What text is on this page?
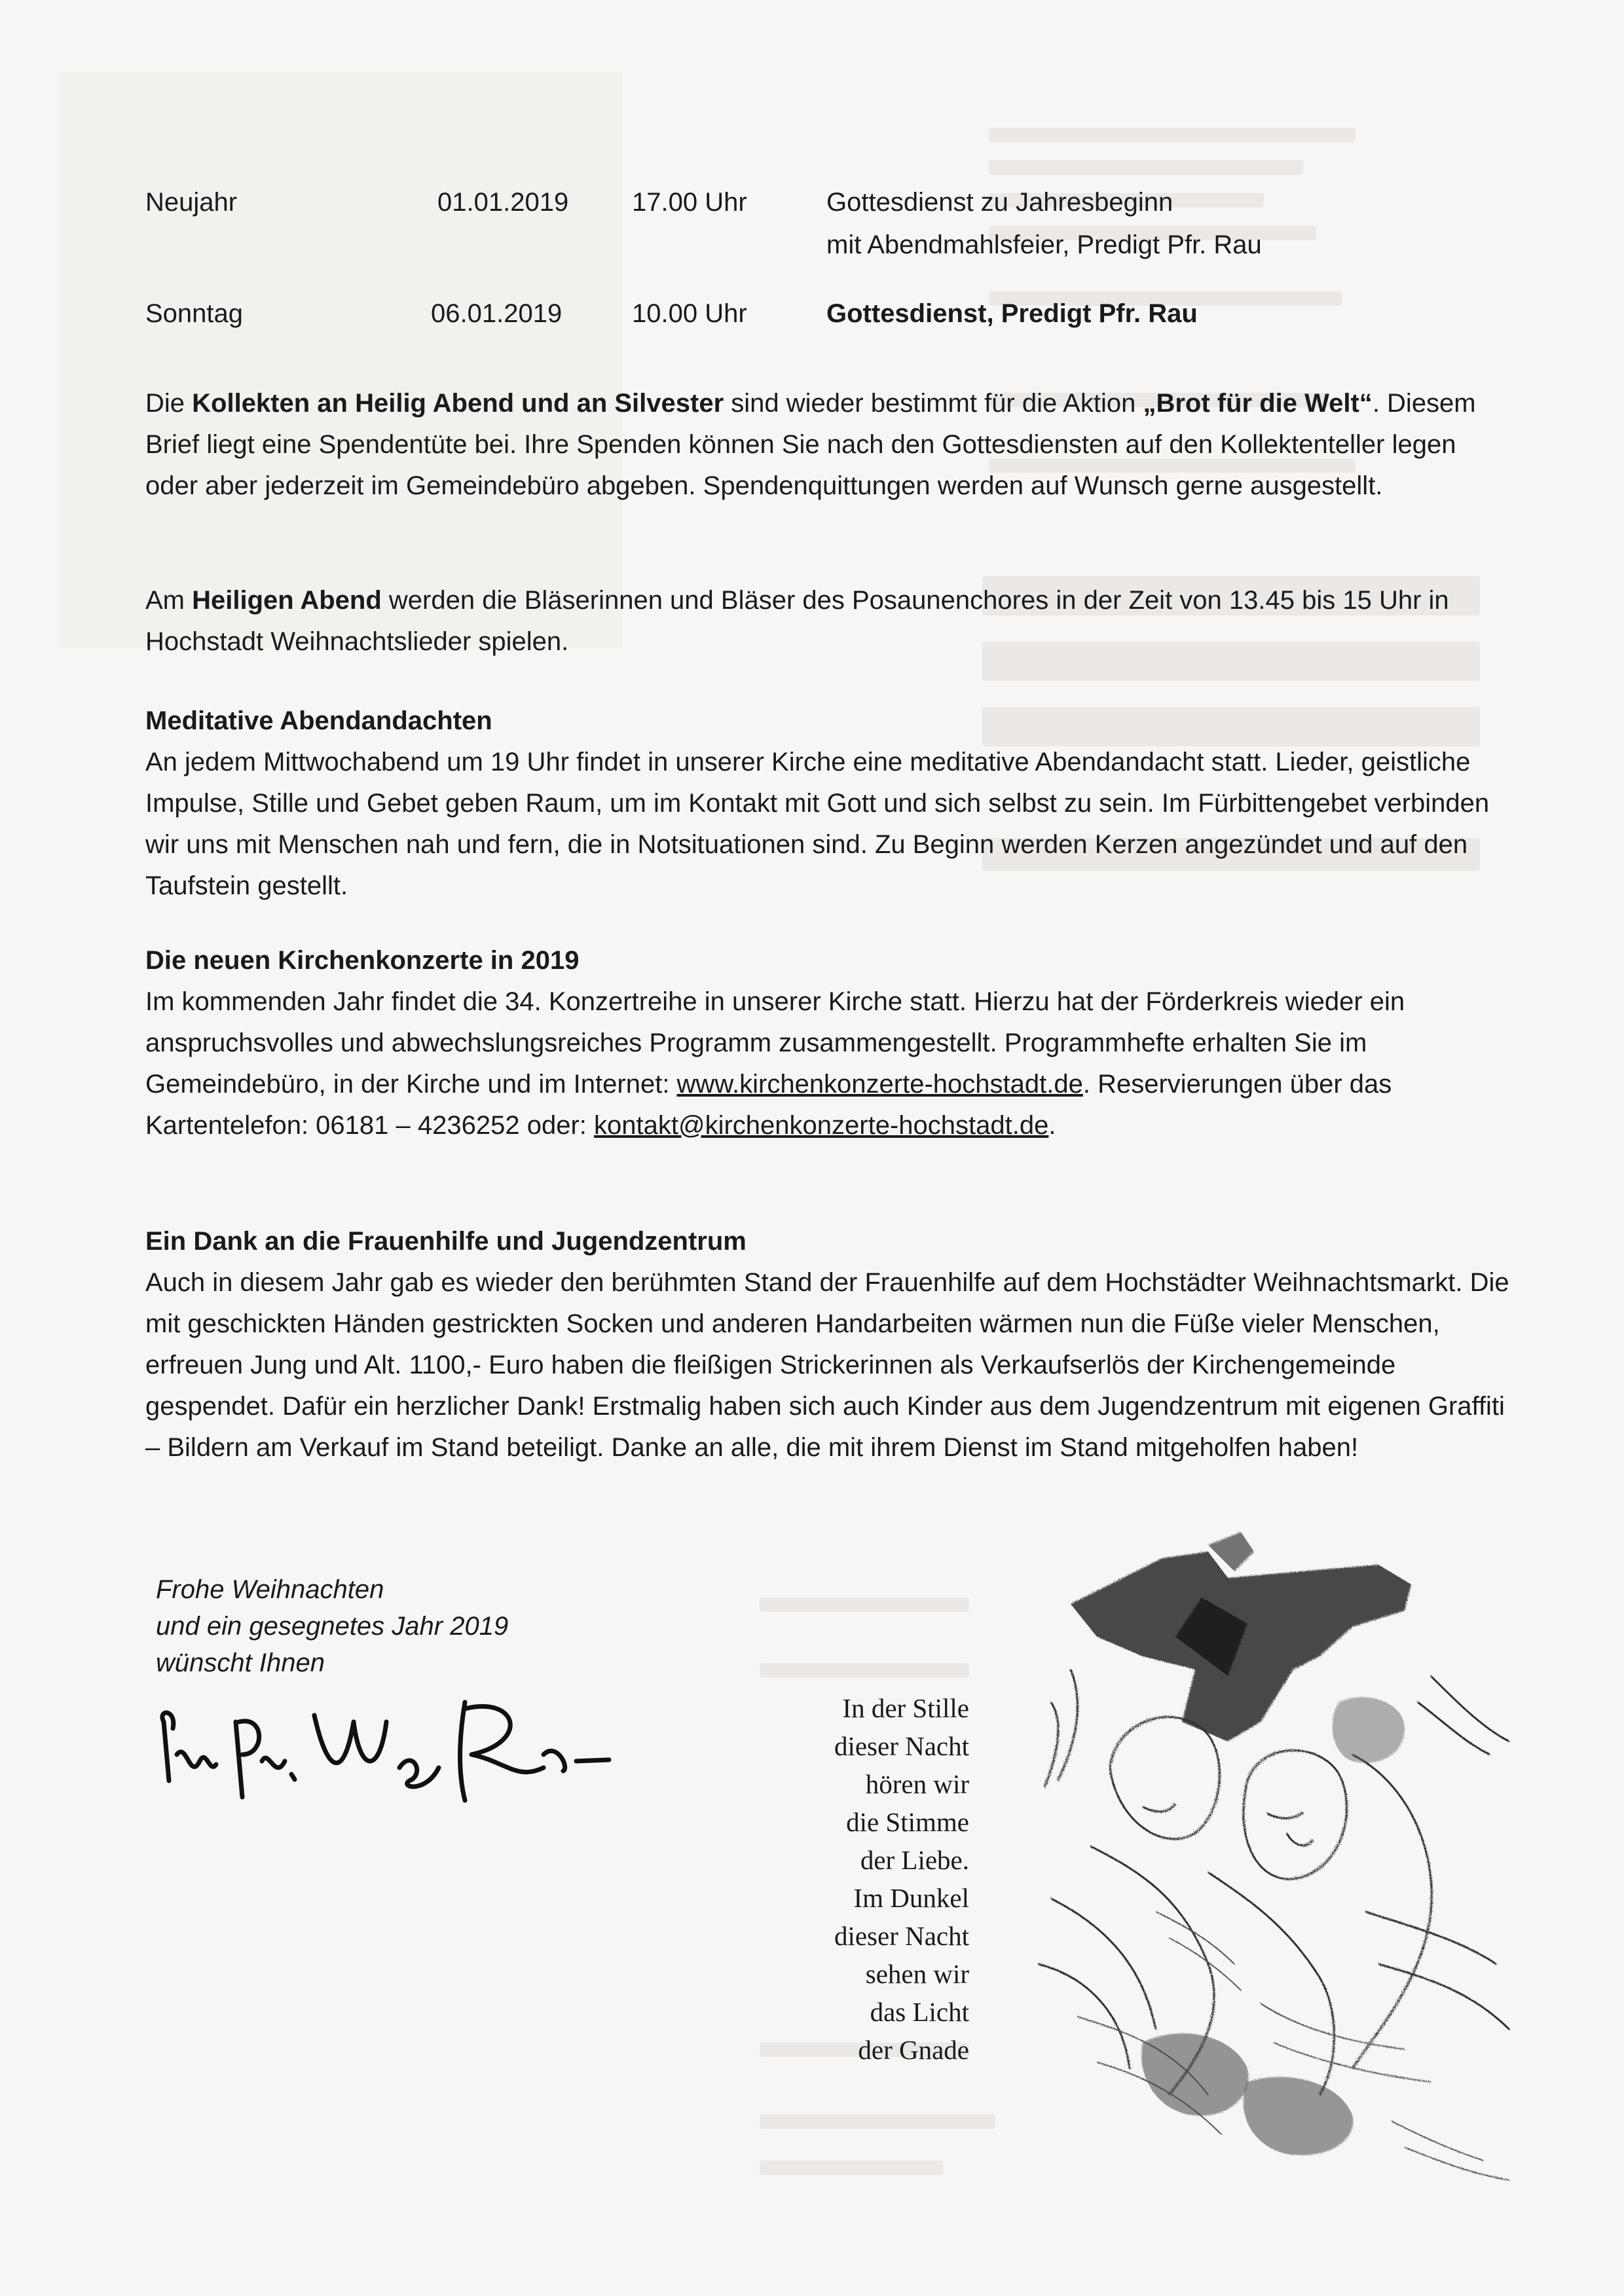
Neujahr	01.01.2019 17.00 Uhr	Gottesdienst zu Jahresbeginn
mit Abendmahlsfeier, Predigt Pfr. Rau
Sonntag	06.01.2019	10.00 Uhr	Gottesdienst, Predigt Pfr. Rau

Die Kollekten an Heilig Abend und an Silvester sind wieder bestimmt für die Aktion „Brot für die Welt“. Diesem Brief liegt eine Spendentüte bei. Ihre Spenden können Sie nach den Gottesdiensten auf den Kollektenteller legen oder aber jederzeit im Gemeindebüro abgeben. Spendenquittungen werden auf Wunsch gerne ausgestellt.

Am Heiligen Abend werden die Bläserinnen und Bläser des Posaunenchores in der Zeit von 13.45 bis 15 Uhr in Hochstadt Weihnachtslieder spielen.

Meditative Abendandachten

An jedem Mittwochabend um 19 Uhr findet in unserer Kirche eine meditative Abendandacht statt. Lieder, geistliche Impulse, Stille und Gebet geben Raum, um im Kontakt mit Gott und sich selbst zu sein. Im Fürbittengebet verbinden wir uns mit Menschen nah und fern, die in Notsituationen sind. Zu Beginn werden Kerzen angezündet und auf den Taufstein gestellt.

Die neuen Kirchenkonzerte in 2019

Im kommenden Jahr findet die 34. Konzertreihe in unserer Kirche statt. Hierzu hat der Förderkreis wieder ein anspruchsvolles und abwechslungsreiches Programm zusammengestellt. Programmhefte erhalten Sie im Gemeindebüro, in der Kirche und im Internet: www.kirchenkonzerte-hochstadt.de. Reservierungen über das Kartentelefon: 06181 – 4236252 oder: kontakt@kirchenkonzerte-hochstadt.de.

Ein Dank an die Frauenhilfe und Jugendzentrum

Auch in diesem Jahr gab es wieder den berühmten Stand der Frauenhilfe auf dem Hochstädter Weihnachtsmarkt. Die mit geschickten Händen gestrickten Socken und anderen Handarbeiten wärmen nun die Füße vieler Menschen, erfreuen Jung und Alt. 1100,- Euro haben die fleißigen Strickerinnen als Verkaufserlös der Kirchengemeinde gespendet. Dafür ein herzlicher Dank! Erstmalig haben sich auch Kinder aus dem Jugendzentrum mit eigenen Graffiti – Bildern am Verkauf im Stand beteiligt. Danke an alle, die mit ihrem Dienst im Stand mitgeholfen haben!

Frohe Weihnachten
und ein gesegnetes Jahr 2019
wünscht Ihnen
In der Stille
dieser Nacht
hören wir
die Stimme
der Liebe.
Im Dunkel
dieser Nacht
sehen wir
das Licht
der Gnade
